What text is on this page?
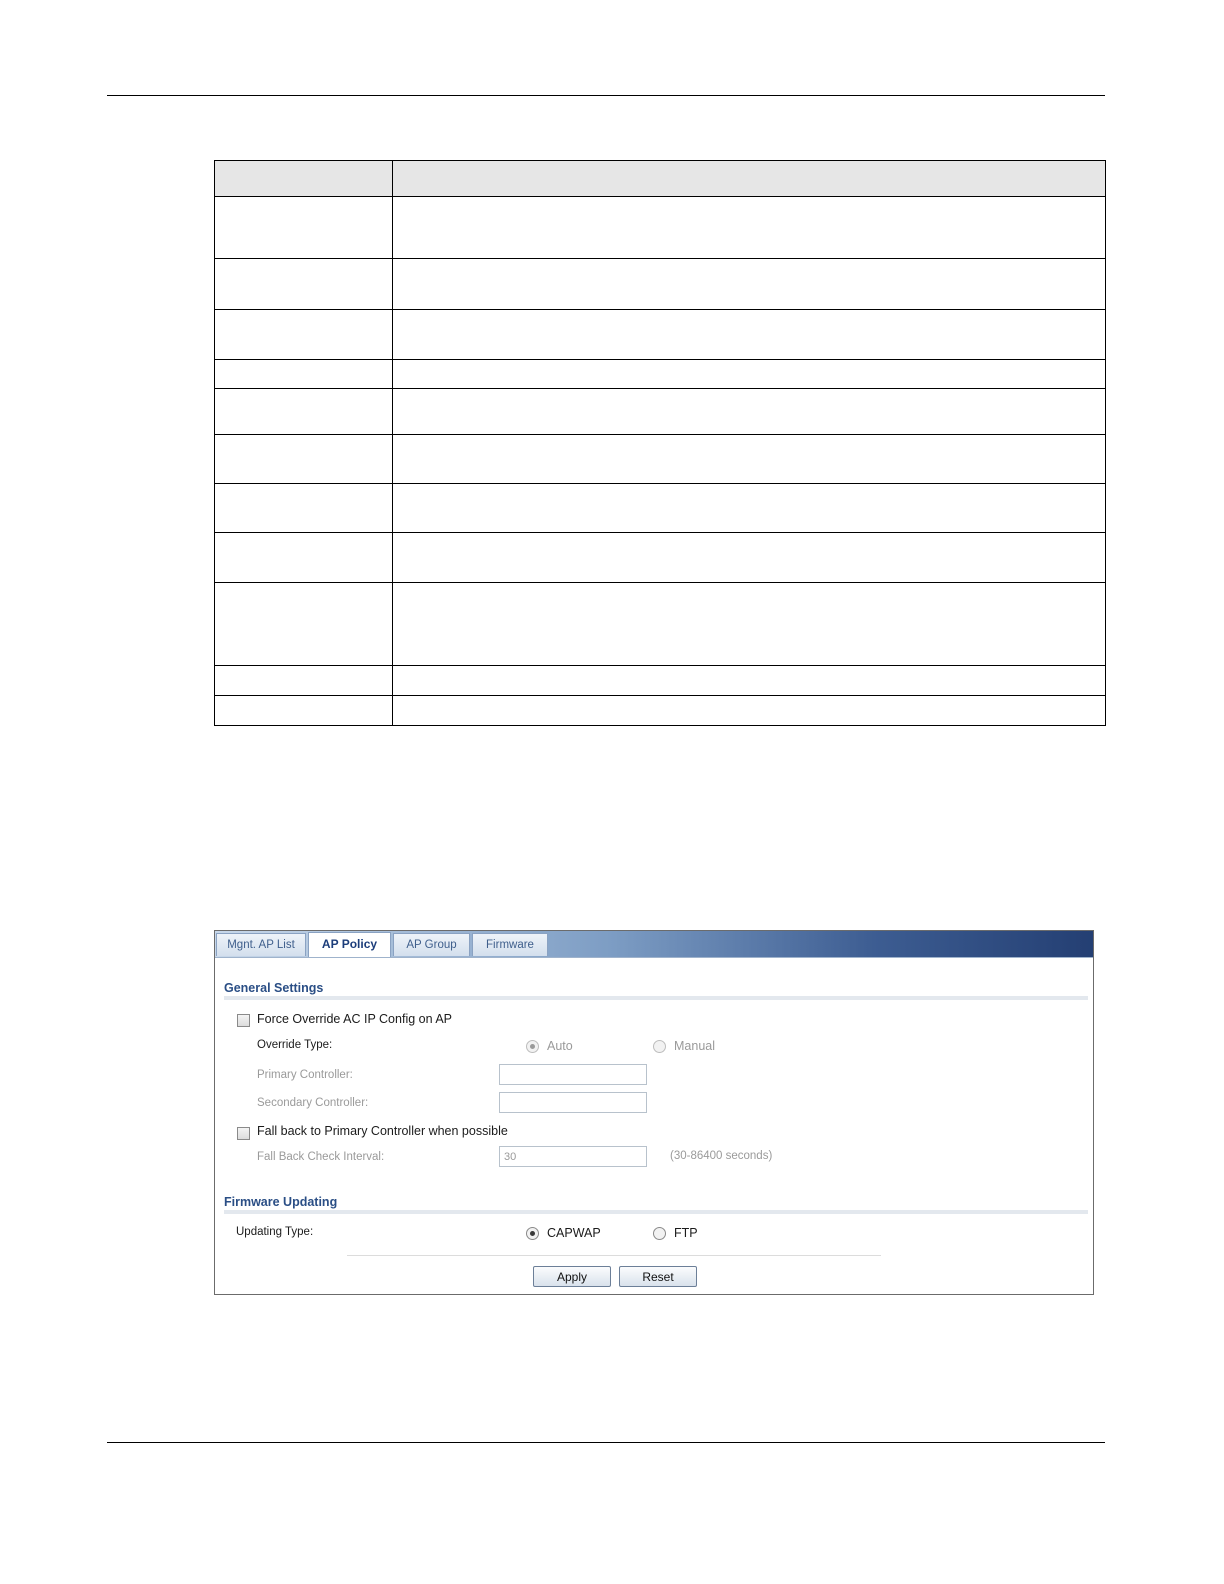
Mgnt. AP List	AP Policy	AP Group	Firmware
General Settings
Force Override AC IP Config on AP
Override Type:	Auto	Manual
Primary Controller:
Secondary Controller:
Fall back to Primary Controller when possible
Fall Back Check Interval:
30	(30-86400 seconds)
Firmware Updating
Updating Type:	CAPWAP	FTP
Apply	Reset
